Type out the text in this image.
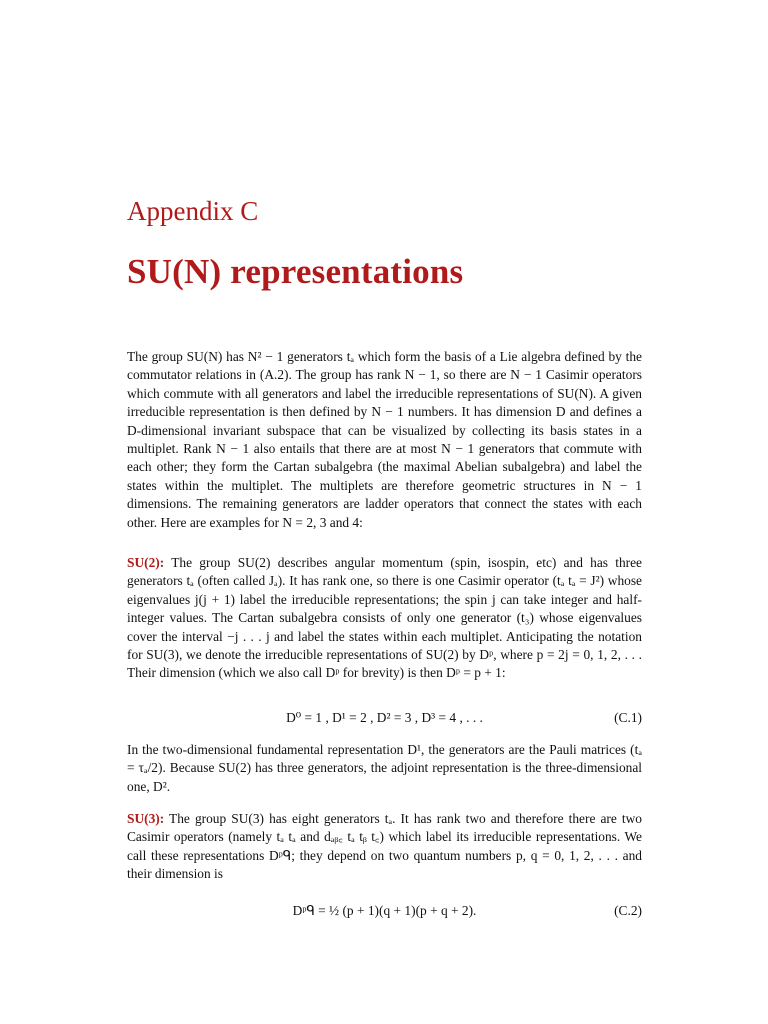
Appendix C
SU(N) representations

The group SU(N) has N² − 1 generators tₐ which form the basis of a Lie algebra defined by the commutator relations in (A.2). The group has rank N − 1, so there are N − 1 Casimir operators which commute with all generators and label the irreducible representations of SU(N). A given irreducible representation is then defined by N − 1 numbers. It has dimension D and defines a D-dimensional invariant subspace that can be visualized by collecting its basis states in a multiplet. Rank N − 1 also entails that there are at most N − 1 generators that commute with each other; they form the Cartan subalgebra (the maximal Abelian subalgebra) and label the states within the multiplet. The multiplets are therefore geometric structures in N − 1 dimensions. The remaining generators are ladder operators that connect the states with each other. Here are examples for N = 2, 3 and 4:

SU(2): The group SU(2) describes angular momentum (spin, isospin, etc) and has three generators tₐ (often called Jₐ). It has rank one, so there is one Casimir operator (tₐ tₐ = J²) whose eigenvalues j(j + 1) label the irreducible representations; the spin j can take integer and half-integer values. The Cartan subalgebra consists of only one generator (t₃) whose eigenvalues cover the interval −j . . . j and label the states within each multiplet. Anticipating the notation for SU(3), we denote the irreducible representations of SU(2) by Dᵖ, where p = 2j = 0, 1, 2, . . . Their dimension (which we also call Dᵖ for brevity) is then Dᵖ = p + 1:

D⁰ = 1 , D¹ = 2 , D² = 3 , D³ = 4 , . . .	(C.1)

In the two-dimensional fundamental representation D¹, the generators are the Pauli matrices (tₐ = τₐ/2). Because SU(2) has three generators, the adjoint representation is the three-dimensional one, D².

SU(3): The group SU(3) has eight generators tₐ. It has rank two and therefore there are two Casimir operators (namely tₐ tₐ and dₐᵦ꜀ tₐ tᵦ t꜀) which label its irreducible representations. We call these representations Dᵖᑫ; they depend on two quantum numbers p, q = 0, 1, 2, . . . and their dimension is

Dᵖᑫ = ½ (p + 1)(q + 1)(p + q + 2).	(C.2)
